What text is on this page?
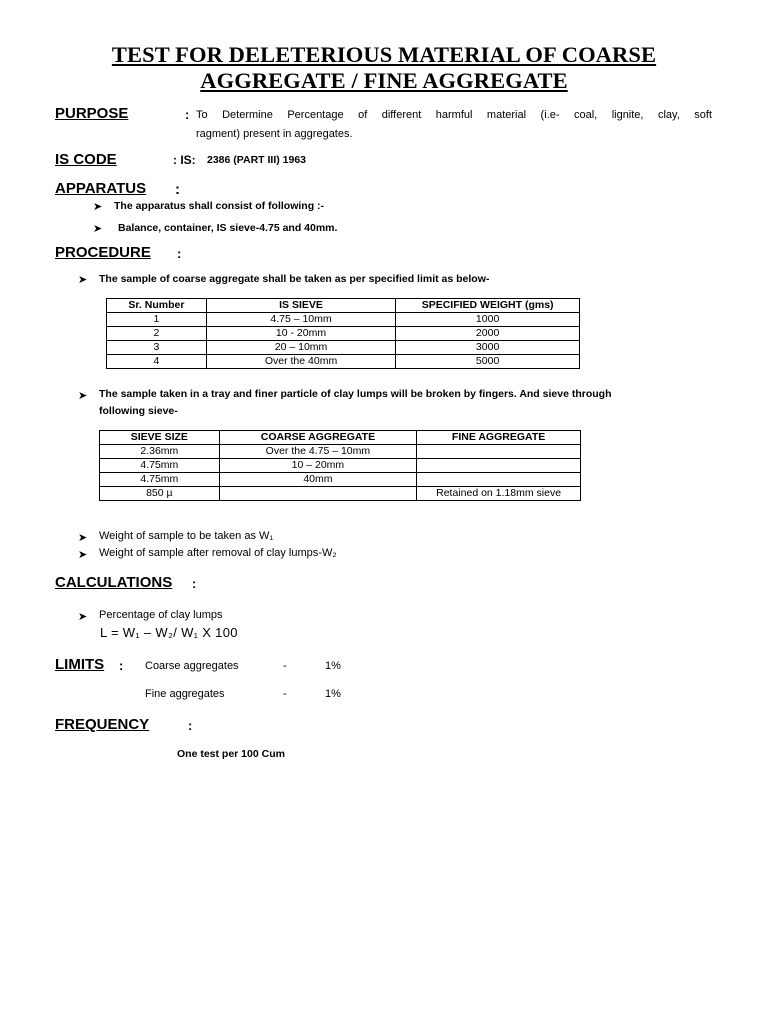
TEST FOR DELETERIOUS MATERIAL OF COARSE
AGGREGATE / FINE AGGREGATE
PURPOSE	: To Determine Percentage of different harmful material (i.e- coal, lignite, clay, soft
ragment) present in aggregates.
IS CODE	: IS: 2386 (PART III) 1963
APPARATUS :
➤ The apparatus shall consist of following :-
➤ Balance, container, IS sieve-4.75 and 40mm.
PROCEDURE :
➤ The sample of coarse aggregate shall be taken as per specified limit as below-
Sr. Number	IS SIEVE	SPECIFIED WEIGHT (gms)
1	4.75 – 10mm	1000
2	10 - 20mm	2000
3	20 – 10mm	3000
4	Over the 40mm	5000
➤ The sample taken in a tray and finer particle of clay lumps will be broken by fingers. And sieve through
following sieve-
SIEVE SIZE	COARSE AGGREGATE	FINE AGGREGATE
2.36mm	Over the 4.75 – 10mm	
4.75mm	10 – 20mm	
4.75mm	40mm	
850 µ		Retained on 1.18mm sieve
➤ Weight of sample to be taken as W₁
➤ Weight of sample after removal of clay lumps-W₂
CALCULATIONS :
➤ Percentage of clay lumps
L = W₁ – W₂/ W₁ X 100
LIMITS : Coarse aggregates	-	1%
Fine aggregates	-	1%
FREQUENCY	:
One test per 100 Cum
